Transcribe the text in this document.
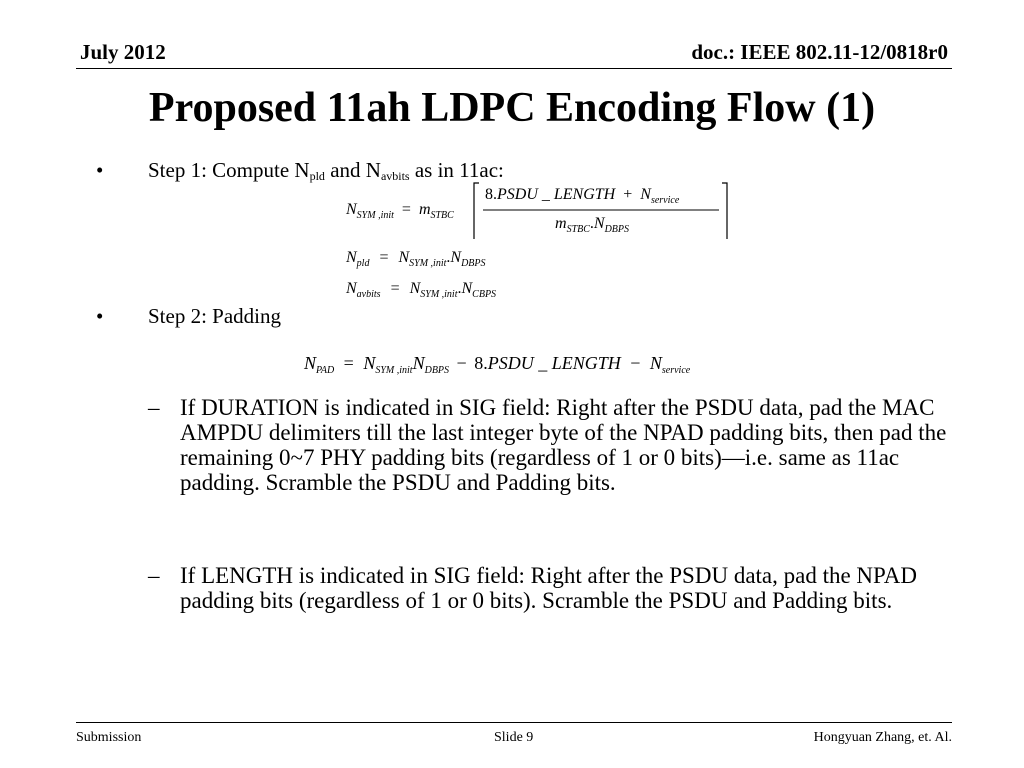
July 2012	doc.: IEEE 802.11-12/0818r0
Proposed 11ah LDPC Encoding Flow (1)
• Step 1: Compute $N_{pld}$ and $N_{avbits}$ as in 11ac:
$N_{SYM ,init} = m_{STBC}$
8.PSDU _ LENGTH + $N_{service}$
$m_{STBC}.N_{DBPS}$
$N_{pld} = N_{SYM ,init}.N_{DBPS}$
$N_{avbits} = N_{SYM ,init}.N_{CBPS}$
• Step 2: Padding
$N_{PAD} = N_{SYM ,init}N_{DBPS}$ − 8.PSDU _ LENGTH − $N_{service}$
– If DURATION is indicated in SIG field: Right after the PSDU data, pad the MAC AMPDU delimiters till the last integer byte of the NPAD padding bits, then pad the remaining 0~7 PHY padding bits (regardless of 1 or 0 bits)—i.e. same as 11ac padding. Scramble the PSDU and Padding bits.
– If LENGTH is indicated in SIG field: Right after the PSDU data, pad the NPAD padding bits (regardless of 1 or 0 bits). Scramble the PSDU and Padding bits.
Submission	Slide 9	Hongyuan Zhang, et. Al.
